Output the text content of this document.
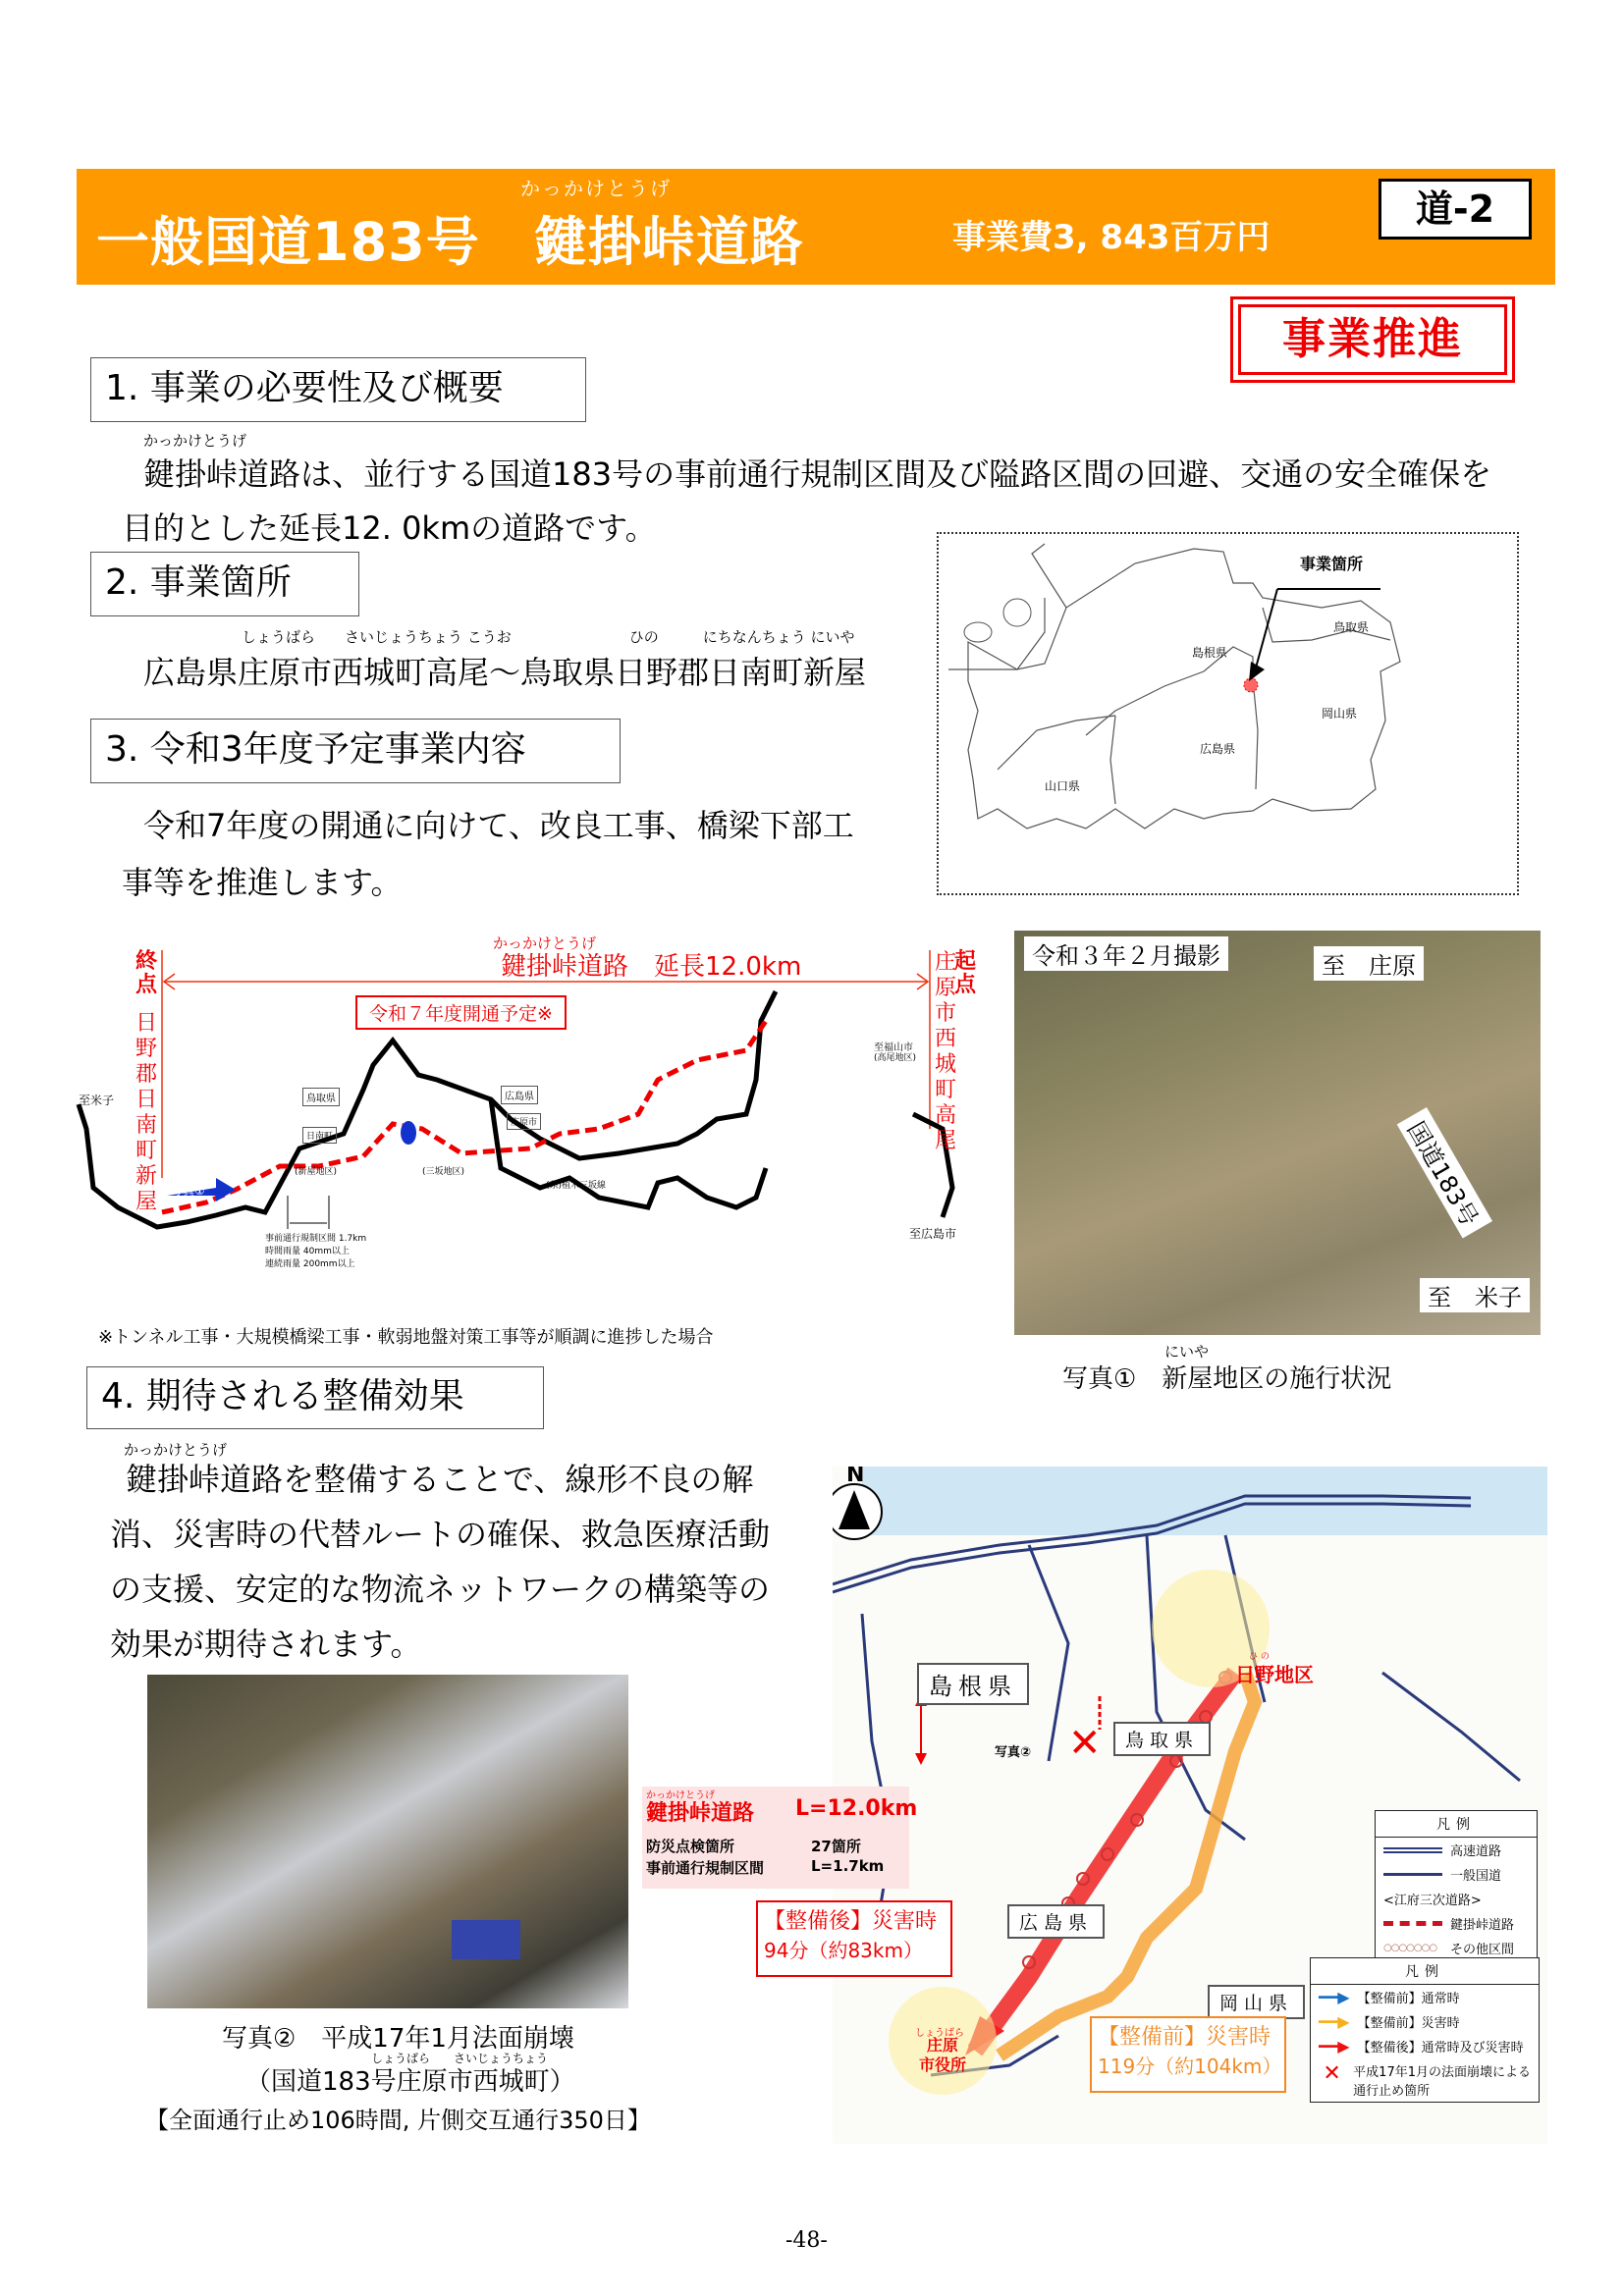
かっかけとうげ
一般国道183号　鍵掛峠道路	事業費3, 843百万円
道-2
事業推進
1. 事業の必要性及び概要
かっかけとうげ
鍵掛峠道路は、並行する国道183号の事前通行規制区間及び隘路区間の回避、交通の安全確保を
目的とした延長12. 0kmの道路です。
2. 事業箇所
しょうばら　　さいじょうちょう こうお　　　　　　　　ひの　　　にちなんちょう にいや
広島県庄原市西城町高尾～鳥取県日野郡日南町新屋
3. 令和3年度予定事業内容
令和7年度の開通に向けて、改良工事、橋梁下部工
事等を推進します。
事業箇所
鳥取県
島根県
岡山県
広島県
山口県
かっかけとうげ
鍵掛峠道路　延長12.0km
令和７年度開通予定※
終点
日野郡日南町新屋
起点
庄原市西城町高尾
至米子
至福山市
至広島市
鳥取県	広島県
庄原市
日南町
(新屋地区)	(三坂地区)
(高尾地区)
(県)植木三坂線
写真①
事前通行規制区間 1.7km
時間雨量 40mm以上
連続雨量 200mm以上
※トンネル工事・大規模橋梁工事・軟弱地盤対策工事等が順調に進捗した場合
令和３年２月撮影	至　庄原
国道183号
至　米子
にいや
写真①　新屋地区の施行状況
4. 期待される整備効果
かっかけとうげ
鍵掛峠道路を整備することで、線形不良の解
消、災害時の代替ルートの確保、救急医療活動
の支援、安定的な物流ネットワークの構築等の
効果が期待されます。
写真②　平成17年1月法面崩壊
しょうばら　　さいじょうちょう
（国道183号庄原市西城町）
【全面通行止め106時間, 片側交互通行350日】
✕
N
ひ の
日野地区
島根県
鳥取県
広島県
岡山県
しょうばら
庄原
市役所
写真②
凡例
高速道路
一般国道
<江府三次道路>
鍵掛峠道路
○○○○○○○	その他区間
凡例
━━▶ 【整備前】通常時
━━▶ 【整備前】災害時
━━▶ 【整備後】通常時及び災害時
✕ 平成17年1月の法面崩壊による
通行止め箇所
かっかけとうげ
鍵掛峠道路 L=12.0km
防災点検箇所	27箇所
事前通行規制区間	L=1.7km
【整備後】災害時
94分（約83km）
【整備前】災害時
119分（約104km）
-48-
